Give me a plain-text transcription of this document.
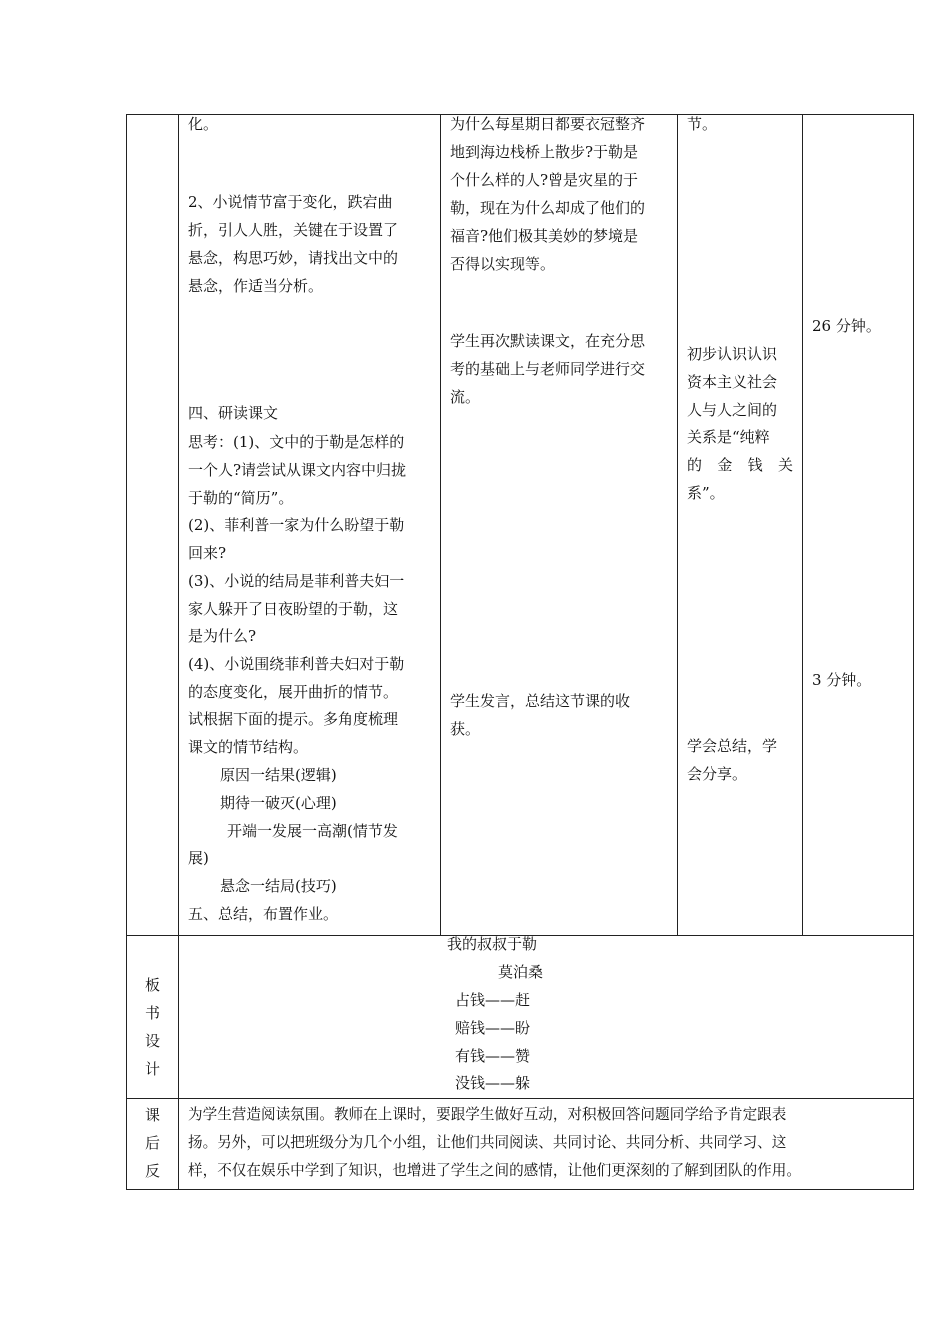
化。
2、小说情节富于变化，跌宕曲
折，引人人胜，关键在于设置了
悬念，构思巧妙，请找出文中的
悬念，作适当分析。
四、研读课文
思考：(1)、文中的于勒是怎样的
一个人?请尝试从课文内容中归拢
于勒的“简历”。
(2)、菲利普一家为什么盼望于勒
回来?
(3)、小说的结局是菲利普夫妇一
家人躲开了日夜盼望的于勒，这
是为什么?
(4)、小说围绕菲利普夫妇对于勒
的态度变化，展开曲折的情节。
试根据下面的提示。多角度梳理
课文的情节结构。
原因一结果(逻辑)
期待一破灭(心理)
开端一发展一高潮(情节发
展)
悬念一结局(技巧)
五、总结，布置作业。
为什么每星期日都要衣冠整齐
地到海边栈桥上散步?于勒是
个什么样的人?曾是灾星的于
勒，现在为什么却成了他们的
福音?他们极其美妙的梦境是
否得以实现等。
学生再次默读课文，在充分思
考的基础上与老师同学进行交
流。
学生发言，总结这节课的收
获。
节。
初步认识认识
资本主义社会
人与人之间的
关系是“纯粹
的 金 钱 关
系”。
学会总结，学
会分享。
26 分钟。
3 分钟。
板
书
设
计
我的叔叔于勒
莫泊桑
占钱——赶
赔钱——盼
有钱——赞
没钱——躲
课
后
反
为学生营造阅读氛围。教师在上课时，要跟学生做好互动，对积极回答问题同学给予肯定跟表
扬。另外，可以把班级分为几个小组，让他们共同阅读、共同讨论、共同分析、共同学习、这
样，不仅在娱乐中学到了知识，也增进了学生之间的感情，让他们更深刻的了解到团队的作用。
